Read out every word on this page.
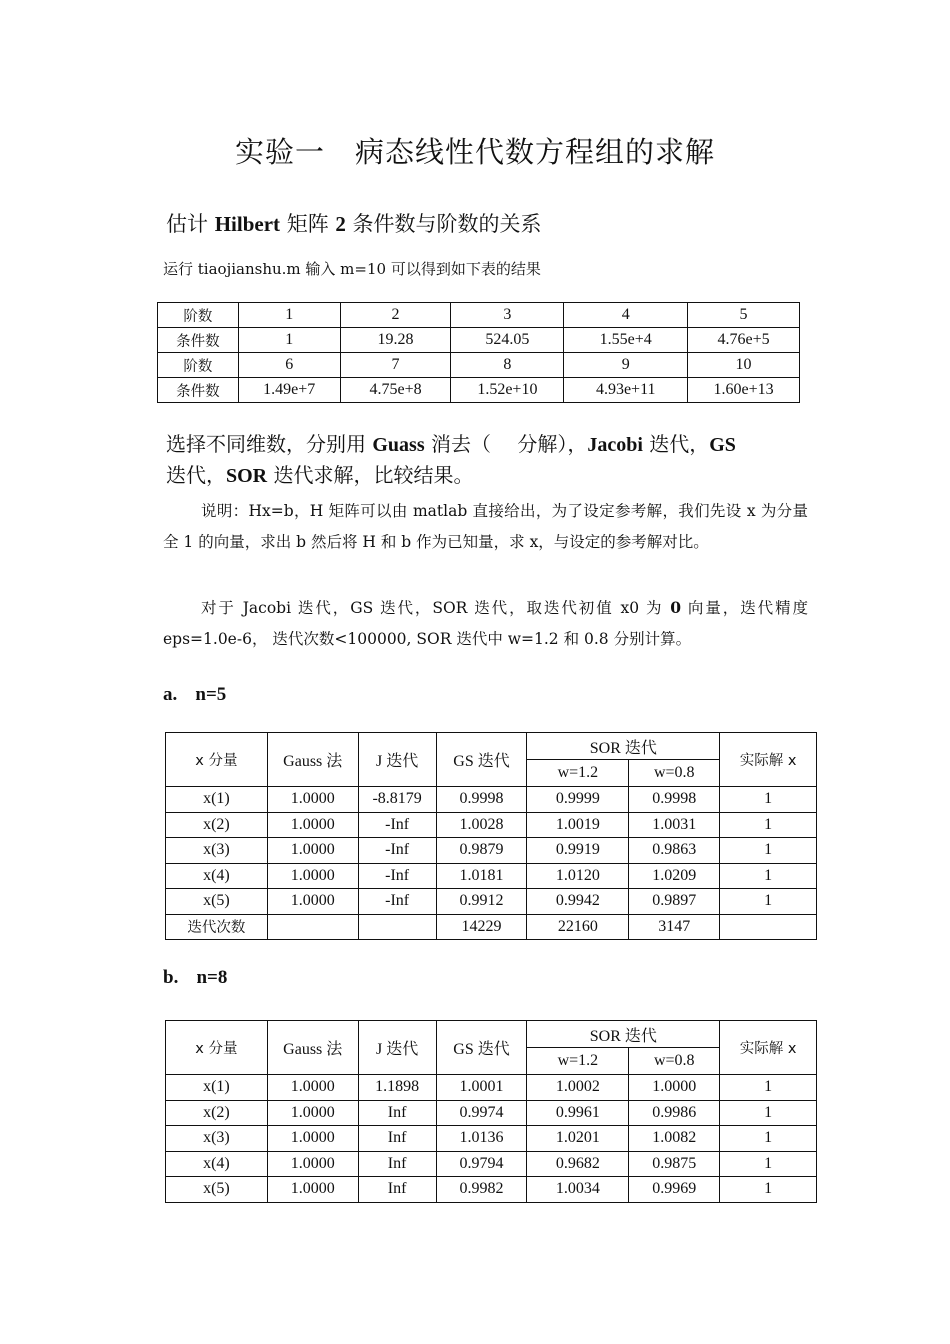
实验一　病态线性代数方程组的求解
估计 Hilbert 矩阵 2 条件数与阶数的关系
运行 tiaojianshu.m 输入 m=10 可以得到如下表的结果
阶数	1	2	3	4	5
条件数	1	19.28	524.05	1.55e+4	4.76e+5
阶数	6	7	8	9	10
条件数	1.49e+7	4.75e+8	1.52e+10	4.93e+11	1.60e+13
选择不同维数，分别用 Guass 消去（　 分解），Jacobi 迭代，GS
迭代，SOR 迭代求解，比较结果。
说明：Hx=b，H 矩阵可以由 matlab 直接给出，为了设定参考解，我们先设 x 为分量全 1 的向量，求出 b 然后将 H 和 b 作为已知量，求 x，与设定的参考解对比。
对于 Jacobi 迭代，GS 迭代，SOR 迭代，取迭代初值 x0 为 0 向量，迭代精度 eps=1.0e-6， 迭代次数<100000, SOR 迭代中 w=1.2 和 0.8 分别计算。
a. n=5
x 分量	Gauss 法	J 迭代	GS 迭代	SOR 迭代		实际解 x
				w=1.2	w=0.8	
x(1)	1.0000	-8.8179	0.9998	0.9999	0.9998	1
x(2)	1.0000	-Inf	1.0028	1.0019	1.0031	1
x(3)	1.0000	-Inf	0.9879	0.9919	0.9863	1
x(4)	1.0000	-Inf	1.0181	1.0120	1.0209	1
x(5)	1.0000	-Inf	0.9912	0.9942	0.9897	1
迭代次数			14229	22160	3147	
b. n=8
x 分量	Gauss 法	J 迭代	GS 迭代	SOR 迭代		实际解 x
				w=1.2	w=0.8	
x(1)	1.0000	1.1898	1.0001	1.0002	1.0000	1
x(2)	1.0000	Inf	0.9974	0.9961	0.9986	1
x(3)	1.0000	Inf	1.0136	1.0201	1.0082	1
x(4)	1.0000	Inf	0.9794	0.9682	0.9875	1
x(5)	1.0000	Inf	0.9982	1.0034	0.9969	1
